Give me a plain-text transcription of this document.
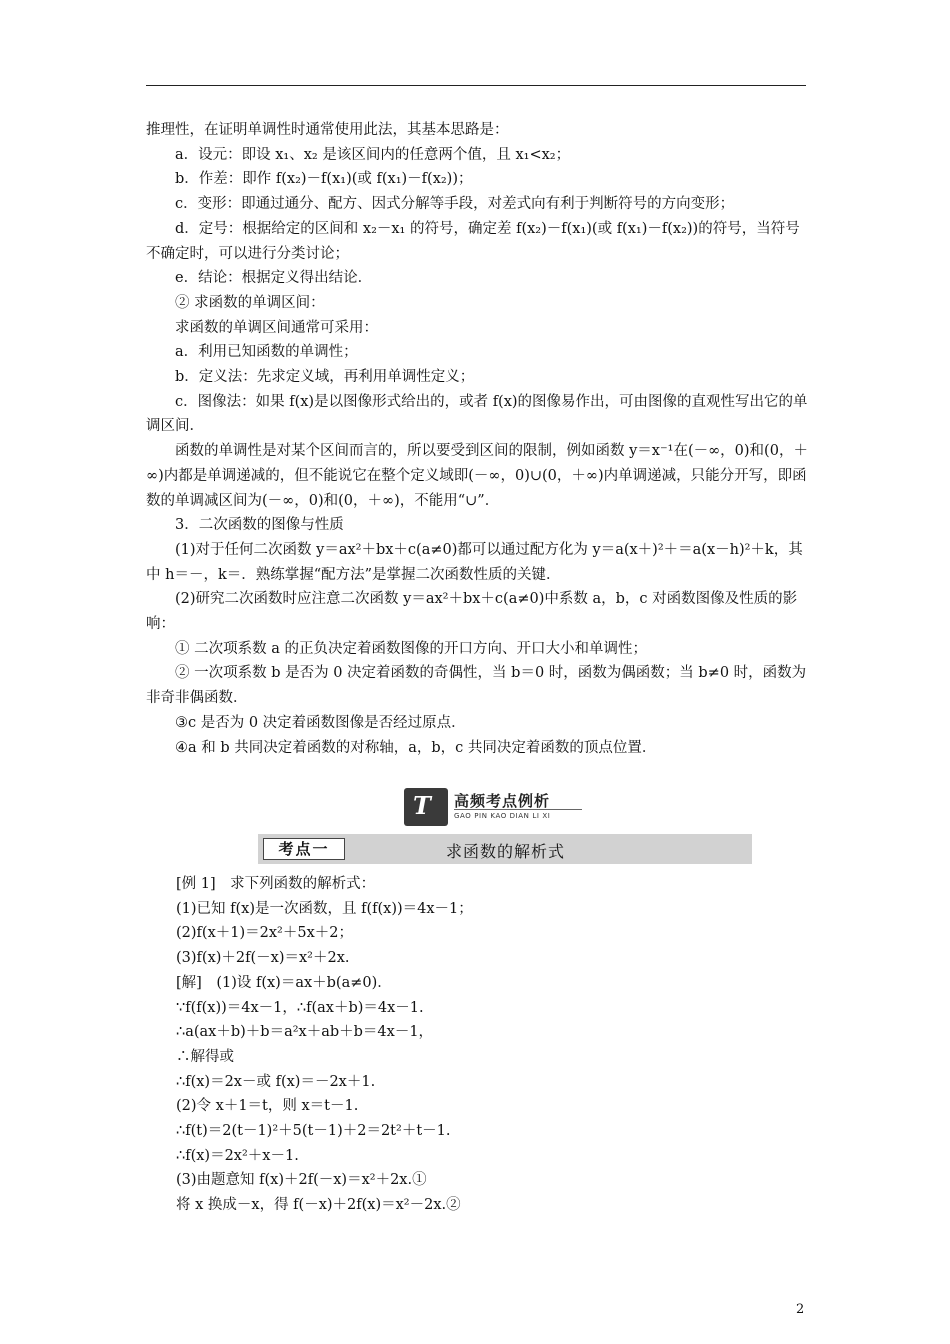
推理性，在证明单调性时通常使用此法，其基本思路是：

a．设元：即设 x₁、x₂ 是该区间内的任意两个值，且 x₁<x₂；

b．作差：即作 f(x₂)－f(x₁)(或 f(x₁)－f(x₂))；

c．变形：即通过通分、配方、因式分解等手段，对差式向有利于判断符号的方向变形；

d．定号：根据给定的区间和 x₂－x₁ 的符号，确定差 f(x₂)－f(x₁)(或 f(x₁)－f(x₂))的符号，当符号不确定时，可以进行分类讨论；

e．结论：根据定义得出结论．

② 求函数的单调区间：

求函数的单调区间通常可采用：

a．利用已知函数的单调性；

b．定义法：先求定义域，再利用单调性定义；

c．图像法：如果 f(x)是以图像形式给出的，或者 f(x)的图像易作出，可由图像的直观性写出它的单调区间．

函数的单调性是对某个区间而言的，所以要受到区间的限制，例如函数 y＝x⁻¹在(－∞，0)和(0，＋∞)内都是单调递减的，但不能说它在整个定义域即(－∞，0)∪(0，＋∞)内单调递减，只能分开写，即函数的单调减区间为(－∞，0)和(0，＋∞)，不能用“∪”．

3．二次函数的图像与性质

(1)对于任何二次函数 y＝ax²＋bx＋c(a≠0)都可以通过配方化为 y＝a(x＋)²＋＝a(x－h)²＋k，其中 h＝－，k＝．熟练掌握“配方法”是掌握二次函数性质的关键．

(2)研究二次函数时应注意二次函数 y＝ax²＋bx＋c(a≠0)中系数 a，b，c 对函数图像及性质的影响：

① 二次项系数 a 的正负决定着函数图像的开口方向、开口大小和单调性；

② 一次项系数 b 是否为 0 决定着函数的奇偶性，当 b＝0 时，函数为偶函数；当 b≠0 时，函数为非奇非偶函数．

③c 是否为 0 决定着函数图像是否经过原点．

④a 和 b 共同决定着函数的对称轴，a，b，c 共同决定着函数的顶点位置．

T 高频考点例析
GAO PIN KAO DIAN LI XI
考点一	求函数的解析式

[例 1]　求下列函数的解析式：

(1)已知 f(x)是一次函数，且 f(f(x))＝4x－1；

(2)f(x＋1)＝2x²＋5x＋2；

(3)f(x)＋2f(－x)＝x²＋2x.

[解]　(1)设 f(x)＝ax＋b(a≠0)．

∵f(f(x))＝4x－1，∴f(ax＋b)＝4x－1.

∴a(ax＋b)＋b＝a²x＋ab＋b＝4x－1，

∴解得或

∴f(x)＝2x－或 f(x)＝－2x＋1.

(2)令 x＋1＝t，则 x＝t－1.

∴f(t)＝2(t－1)²＋5(t－1)＋2＝2t²＋t－1.

∴f(x)＝2x²＋x－1.

(3)由题意知 f(x)＋2f(－x)＝x²＋2x.①

将 x 换成－x，得 f(－x)＋2f(x)＝x²－2x.②

2
